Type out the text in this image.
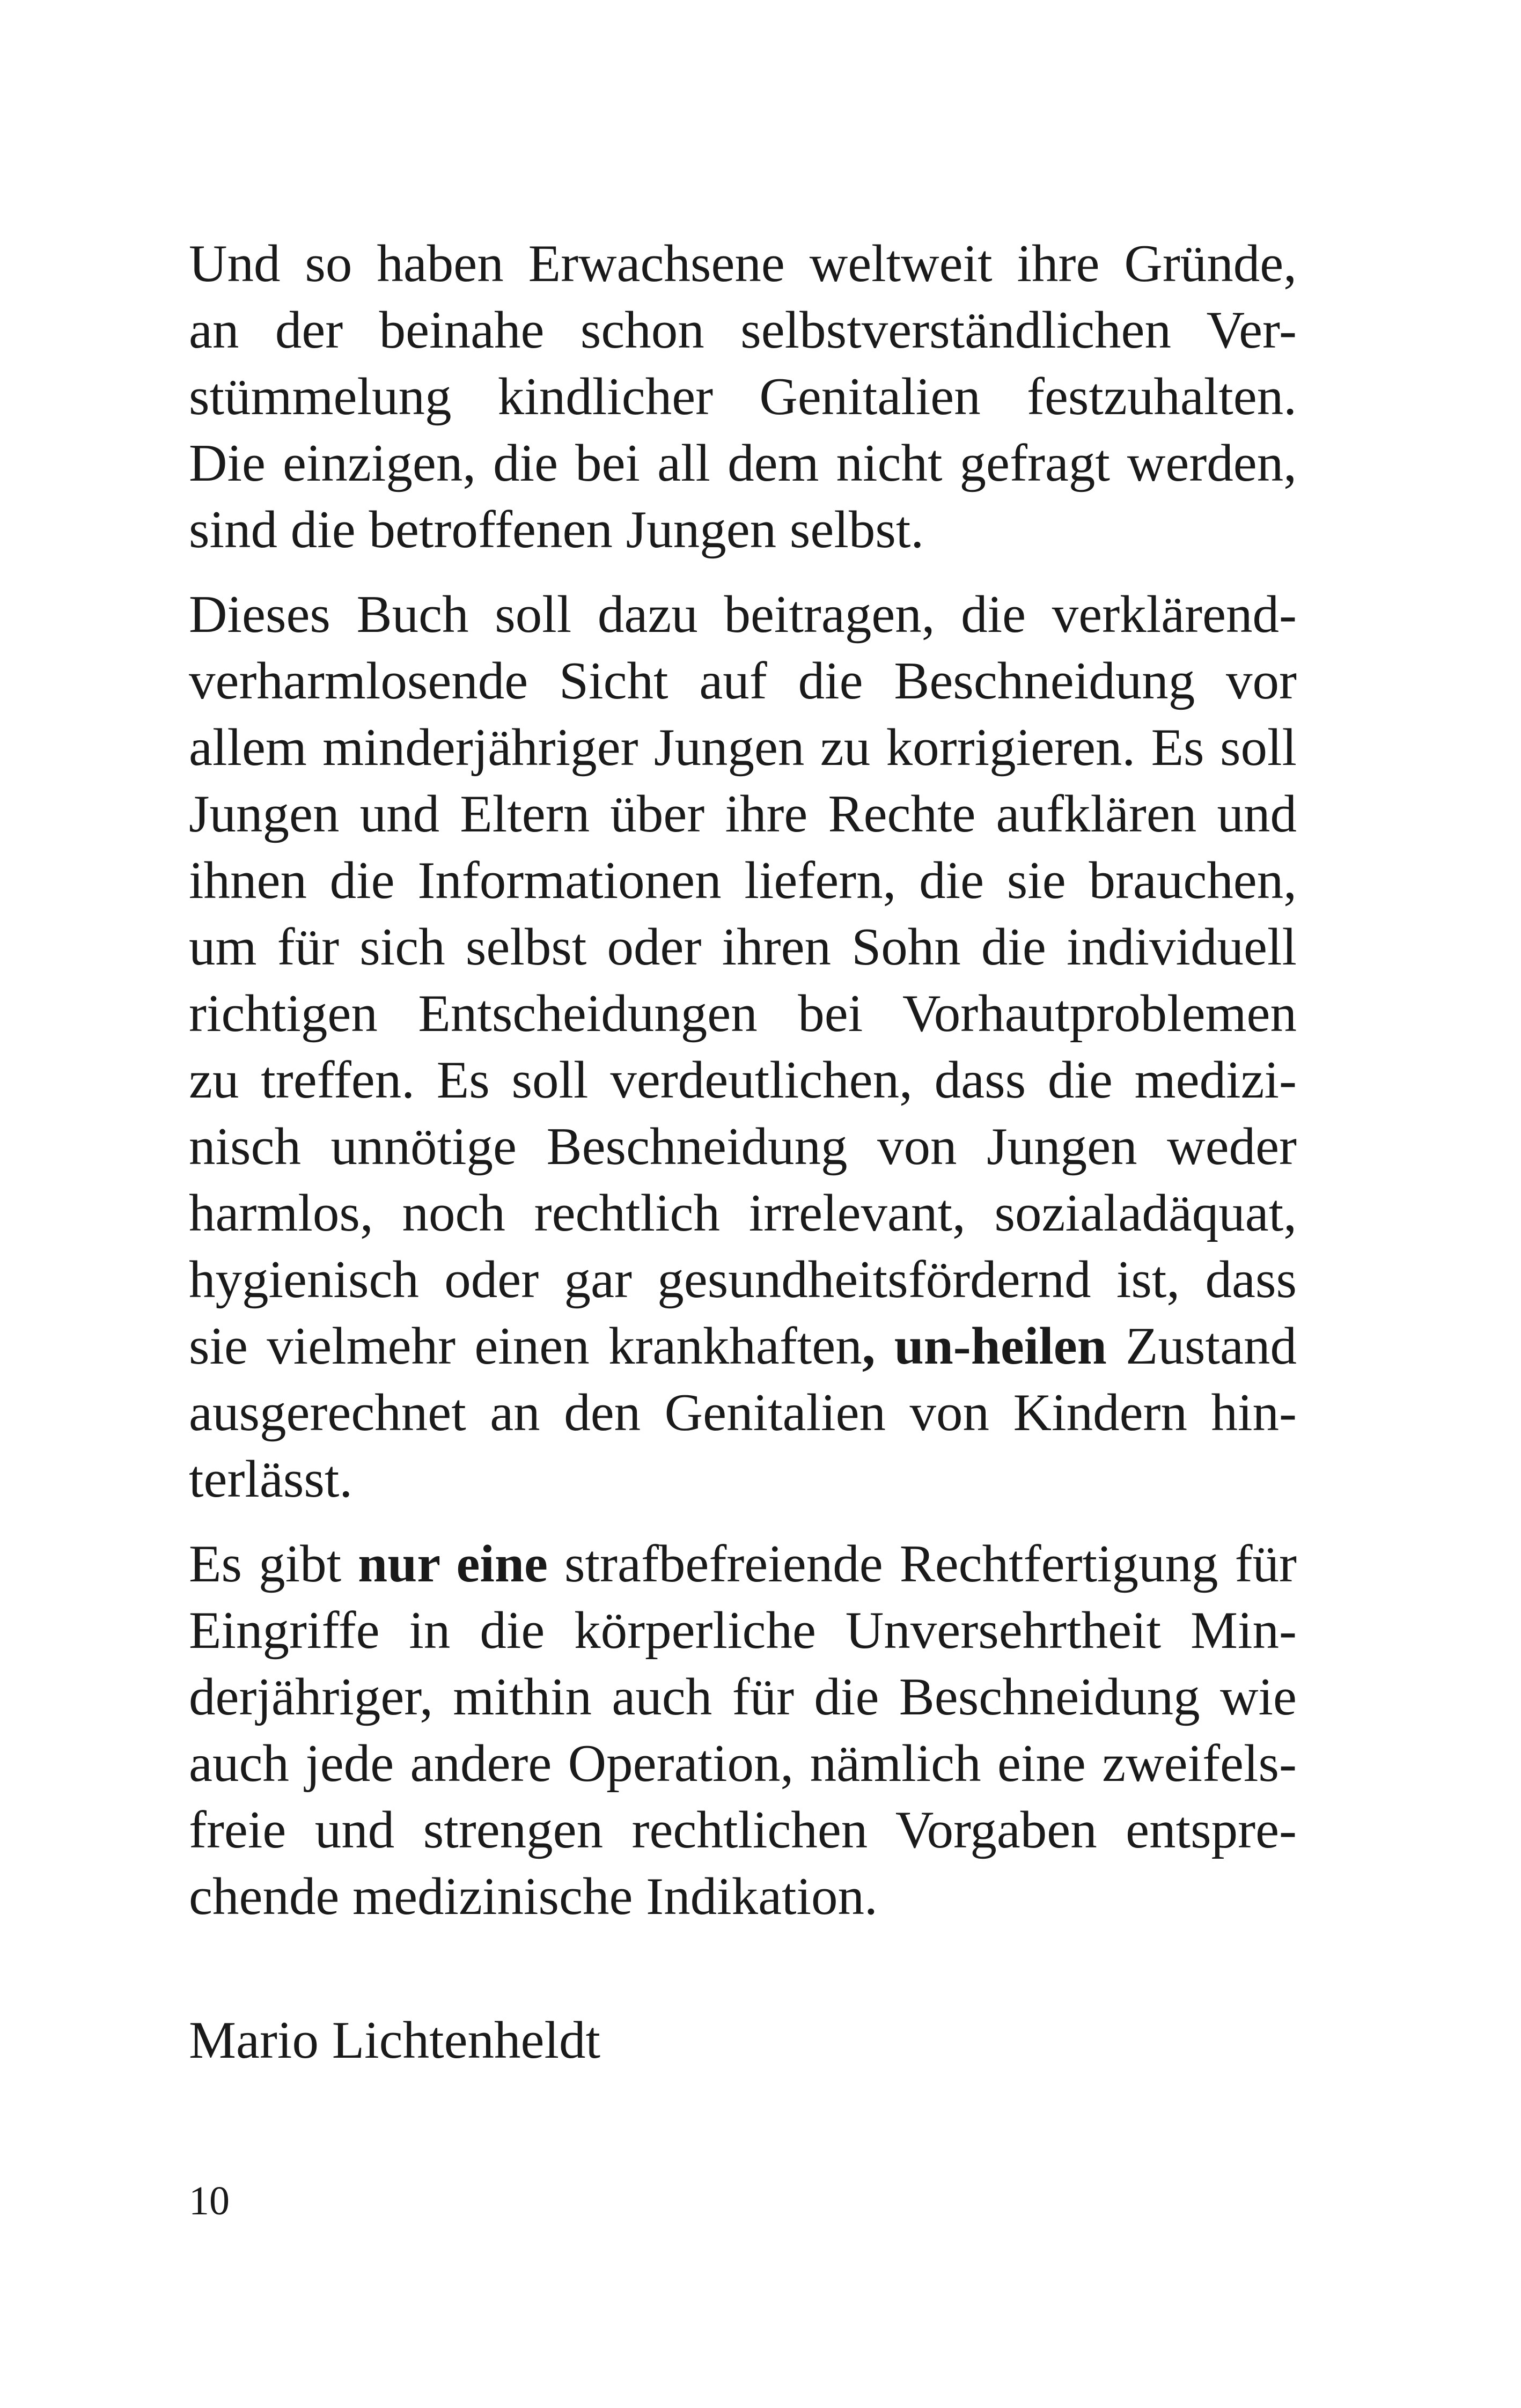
Und so haben Erwachsene weltweit ihre Gründe,
an der beinahe schon selbstverständlichen Ver-
stümmelung kindlicher Genitalien festzuhalten.
Die einzigen, die bei all dem nicht gefragt werden,
sind die betroffenen Jungen selbst.

Dieses Buch soll dazu beitragen, die verklärend-
verharmlosende Sicht auf die Beschneidung vor
allem minderjähriger Jungen zu korrigieren. Es soll
Jungen und Eltern über ihre Rechte aufklären und
ihnen die Informationen liefern, die sie brauchen,
um für sich selbst oder ihren Sohn die individuell
richtigen Entscheidungen bei Vorhautproblemen
zu treffen. Es soll verdeutlichen, dass die medizi-
nisch unnötige Beschneidung von Jungen weder
harmlos, noch rechtlich irrelevant, sozialadäquat,
hygienisch oder gar gesundheitsfördernd ist, dass
sie vielmehr einen krankhaften, un-heilen Zustand
ausgerechnet an den Genitalien von Kindern hin-
terlässt.

Es gibt nur eine strafbefreiende Rechtfertigung für
Eingriffe in die körperliche Unversehrtheit Min-
derjähriger, mithin auch für die Beschneidung wie
auch jede andere Operation, nämlich eine zweifels-
freie und strengen rechtlichen Vorgaben entspre-
chende medizinische Indikation.

Mario Lichtenheldt
10
